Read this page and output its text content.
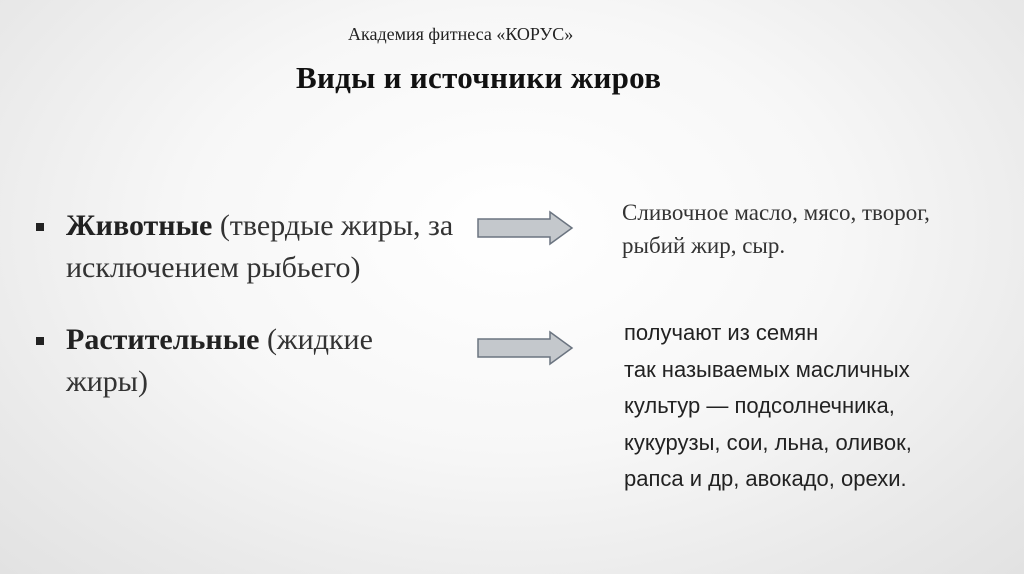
Академия фитнеса «КОРУС»
Виды и источники жиров
Животные (твердые жиры, за исключением рыбьего)
Растительные (жидкие жиры)
Сливочное масло, мясо, творог, рыбий жир, сыр.
получают из семян
так называемых масличных
культур — подсолнечника,
кукурузы, сои, льна, оливок,
рапса и др, авокадо, орехи.
